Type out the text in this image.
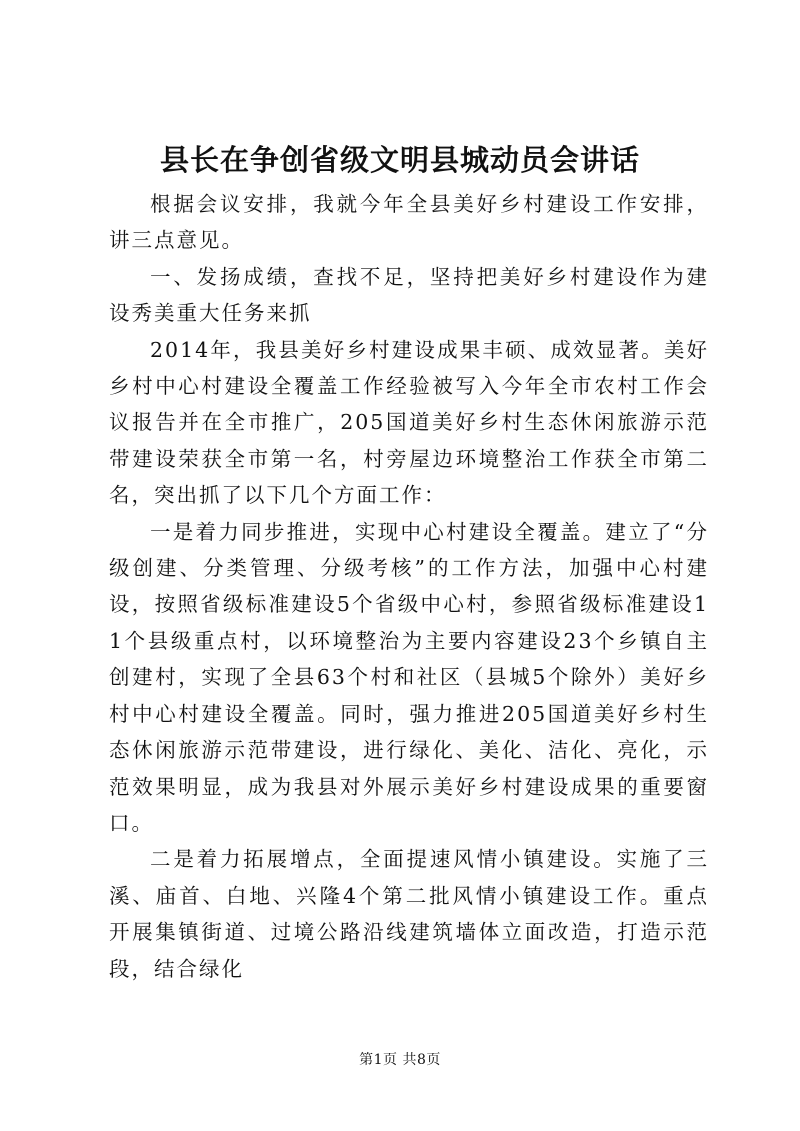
县长在争创省级文明县城动员会讲话

根据会议安排，我就今年全县美好乡村建设工作安排，讲三点意见。

一、发扬成绩，查找不足，坚持把美好乡村建设作为建设秀美重大任务来抓

2014年，我县美好乡村建设成果丰硕、成效显著。美好乡村中心村建设全覆盖工作经验被写入今年全市农村工作会议报告并在全市推广，205国道美好乡村生态休闲旅游示范带建设荣获全市第一名，村旁屋边环境整治工作获全市第二名，突出抓了以下几个方面工作：

一是着力同步推进，实现中心村建设全覆盖。建立了“分级创建、分类管理、分级考核”的工作方法，加强中心村建设，按照省级标准建设5个省级中心村，参照省级标准建设11个县级重点村，以环境整治为主要内容建设23个乡镇自主创建村，实现了全县63个村和社区（县城5个除外）美好乡村中心村建设全覆盖。同时，强力推进205国道美好乡村生态休闲旅游示范带建设，进行绿化、美化、洁化、亮化，示范效果明显，成为我县对外展示美好乡村建设成果的重要窗口。

二是着力拓展增点，全面提速风情小镇建设。实施了三溪、庙首、白地、兴隆4个第二批风情小镇建设工作。重点开展集镇街道、过境公路沿线建筑墙体立面改造，打造示范段，结合绿化

第1页 共8页
